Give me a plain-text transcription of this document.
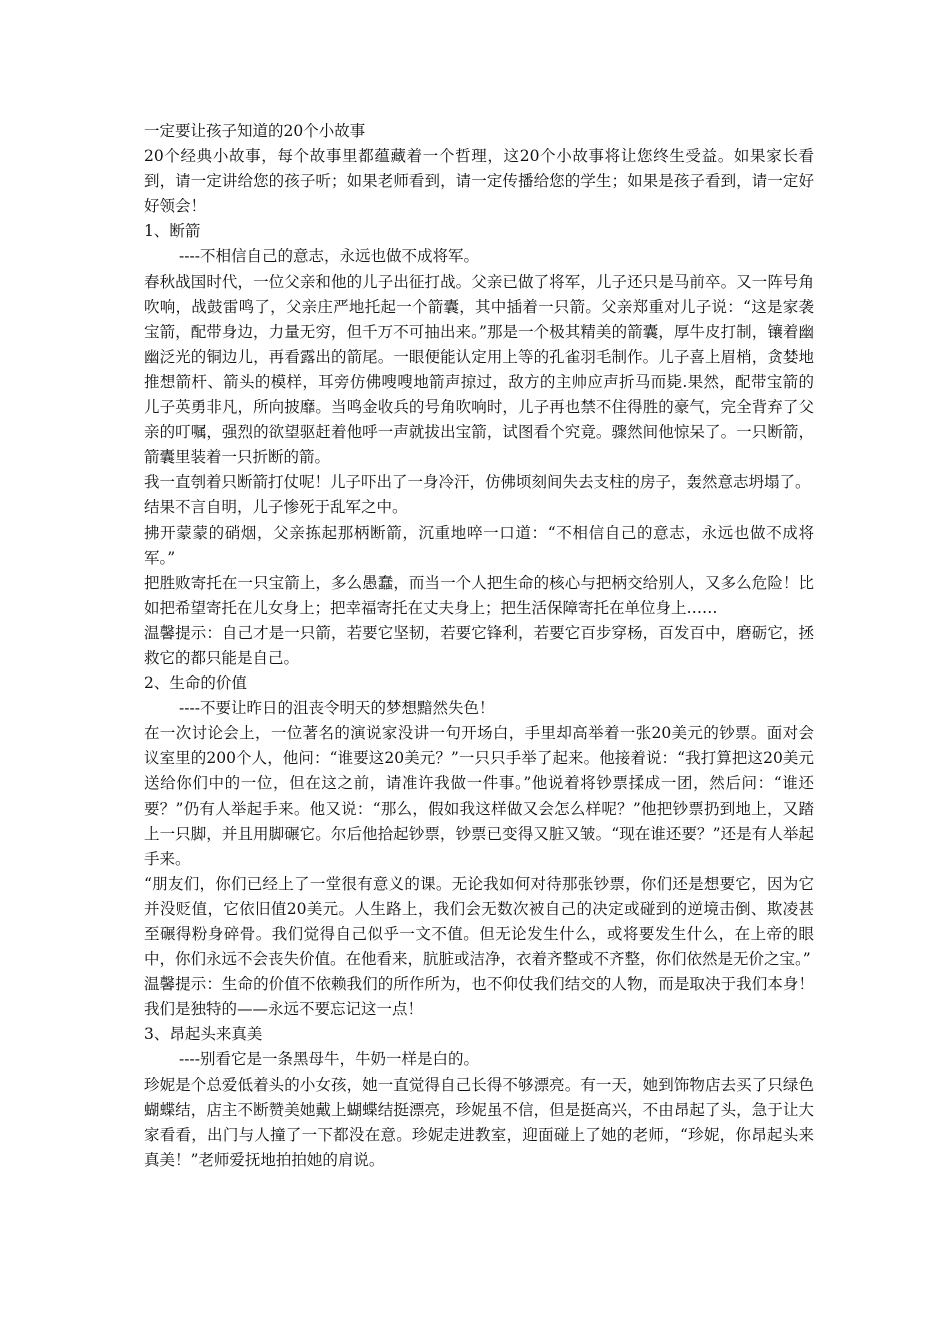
一定要让孩子知道的20个小故事

20个经典小故事，每个故事里都蕴藏着一个哲理，这20个小故事将让您终生受益。如果家长看到，请一定讲给您的孩子听；如果老师看到，请一定传播给您的学生；如果是孩子看到，请一定好好领会！

1、断箭

----不相信自己的意志，永远也做不成将军。

春秋战国时代，一位父亲和他的儿子出征打战。父亲已做了将军，儿子还只是马前卒。又一阵号角吹响，战鼓雷鸣了，父亲庄严地托起一个箭囊，其中插着一只箭。父亲郑重对儿子说：“这是家袭宝箭，配带身边，力量无穷，但千万不可抽出来。”那是一个极其精美的箭囊，厚牛皮打制，镶着幽幽泛光的铜边儿，再看露出的箭尾。一眼便能认定用上等的孔雀羽毛制作。儿子喜上眉梢，贪婪地推想箭杆、箭头的模样，耳旁仿佛嗖嗖地箭声掠过，敌方的主帅应声折马而毙.果然，配带宝箭的儿子英勇非凡，所向披靡。当鸣金收兵的号角吹响时，儿子再也禁不住得胜的豪气，完全背弃了父亲的叮嘱，强烈的欲望驱赶着他呼一声就拔出宝箭，试图看个究竟。骤然间他惊呆了。一只断箭，箭囊里装着一只折断的箭。

我一直刳着只断箭打仗呢！儿子吓出了一身冷汗，仿佛顷刻间失去支柱的房子，轰然意志坍塌了。

结果不言自明，儿子惨死于乱军之中。

拂开蒙蒙的硝烟，父亲拣起那柄断箭，沉重地啐一口道：“不相信自己的意志，永远也做不成将军。”

把胜败寄托在一只宝箭上，多么愚蠢，而当一个人把生命的核心与把柄交给别人，又多么危险！比如把希望寄托在儿女身上；把幸福寄托在丈夫身上；把生活保障寄托在单位身上……

温馨提示：自己才是一只箭，若要它坚韧，若要它锋利，若要它百步穿杨，百发百中，磨砺它，拯救它的都只能是自己。

2、生命的价值

----不要让昨日的沮丧令明天的梦想黯然失色！

在一次讨论会上，一位著名的演说家没讲一句开场白，手里却高举着一张20美元的钞票。面对会议室里的200个人，他问：“谁要这20美元？”一只只手举了起来。他接着说：“我打算把这20美元送给你们中的一位，但在这之前，请准许我做一件事。”他说着将钞票揉成一团，然后问：“谁还要？”仍有人举起手来。他又说：“那么，假如我这样做又会怎么样呢？”他把钞票扔到地上，又踏上一只脚，并且用脚碾它。尔后他拾起钞票，钞票已变得又脏又皱。“现在谁还要？”还是有人举起手来。

“朋友们，你们已经上了一堂很有意义的课。无论我如何对待那张钞票，你们还是想要它，因为它并没贬值，它依旧值20美元。人生路上，我们会无数次被自己的决定或碰到的逆境击倒、欺凌甚至碾得粉身碎骨。我们觉得自己似乎一文不值。但无论发生什么，或将要发生什么，在上帝的眼中，你们永远不会丧失价值。在他看来，肮脏或洁净，衣着齐整或不齐整，你们依然是无价之宝。”

温馨提示：生命的价值不依赖我们的所作所为，也不仰仗我们结交的人物，而是取决于我们本身！我们是独特的——永远不要忘记这一点！

3、昂起头来真美

----别看它是一条黑母牛，牛奶一样是白的。

珍妮是个总爱低着头的小女孩，她一直觉得自己长得不够漂亮。有一天，她到饰物店去买了只绿色蝴蝶结，店主不断赞美她戴上蝴蝶结挺漂亮，珍妮虽不信，但是挺高兴，不由昂起了头，急于让大家看看，出门与人撞了一下都没在意。珍妮走进教室，迎面碰上了她的老师，“珍妮，你昂起头来真美！”老师爱抚地拍拍她的肩说。
